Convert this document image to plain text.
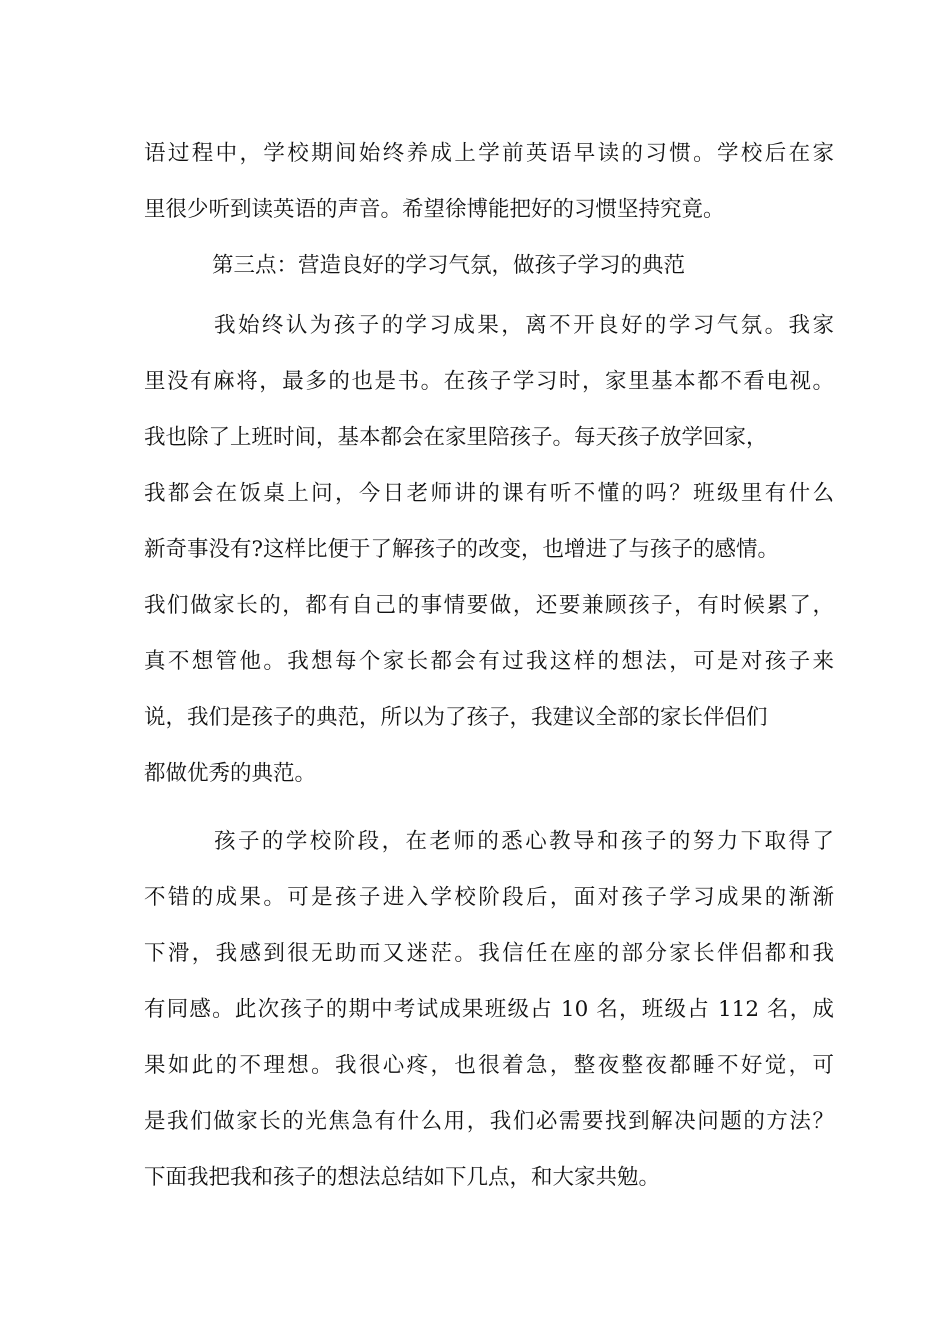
语过程中，学校期间始终养成上学前英语早读的习惯。学校后在家
里很少听到读英语的声音。希望徐博能把好的习惯坚持究竟。
第三点：营造良好的学习气氛，做孩子学习的典范
我始终认为孩子的学习成果，离不开良好的学习气氛。我家
里没有麻将，最多的也是书。在孩子学习时，家里基本都不看电视。
我也除了上班时间，基本都会在家里陪孩子。每天孩子放学回家，
我都会在饭桌上问，今日老师讲的课有听不懂的吗？班级里有什么
新奇事没有?这样比便于了解孩子的改变，也增进了与孩子的感情。
我们做家长的，都有自己的事情要做，还要兼顾孩子，有时候累了，
真不想管他。我想每个家长都会有过我这样的想法，可是对孩子来
说，我们是孩子的典范，所以为了孩子，我建议全部的家长伴侣们
都做优秀的典范。
孩子的学校阶段，在老师的悉心教导和孩子的努力下取得了
不错的成果。可是孩子进入学校阶段后，面对孩子学习成果的渐渐
下滑，我感到很无助而又迷茫。我信任在座的部分家长伴侣都和我
有同感。此次孩子的期中考试成果班级占 10 名，班级占 112 名，成
果如此的不理想。我很心疼，也很着急，整夜整夜都睡不好觉，可
是我们做家长的光焦急有什么用，我们必需要找到解决问题的方法？
下面我把我和孩子的想法总结如下几点，和大家共勉。
